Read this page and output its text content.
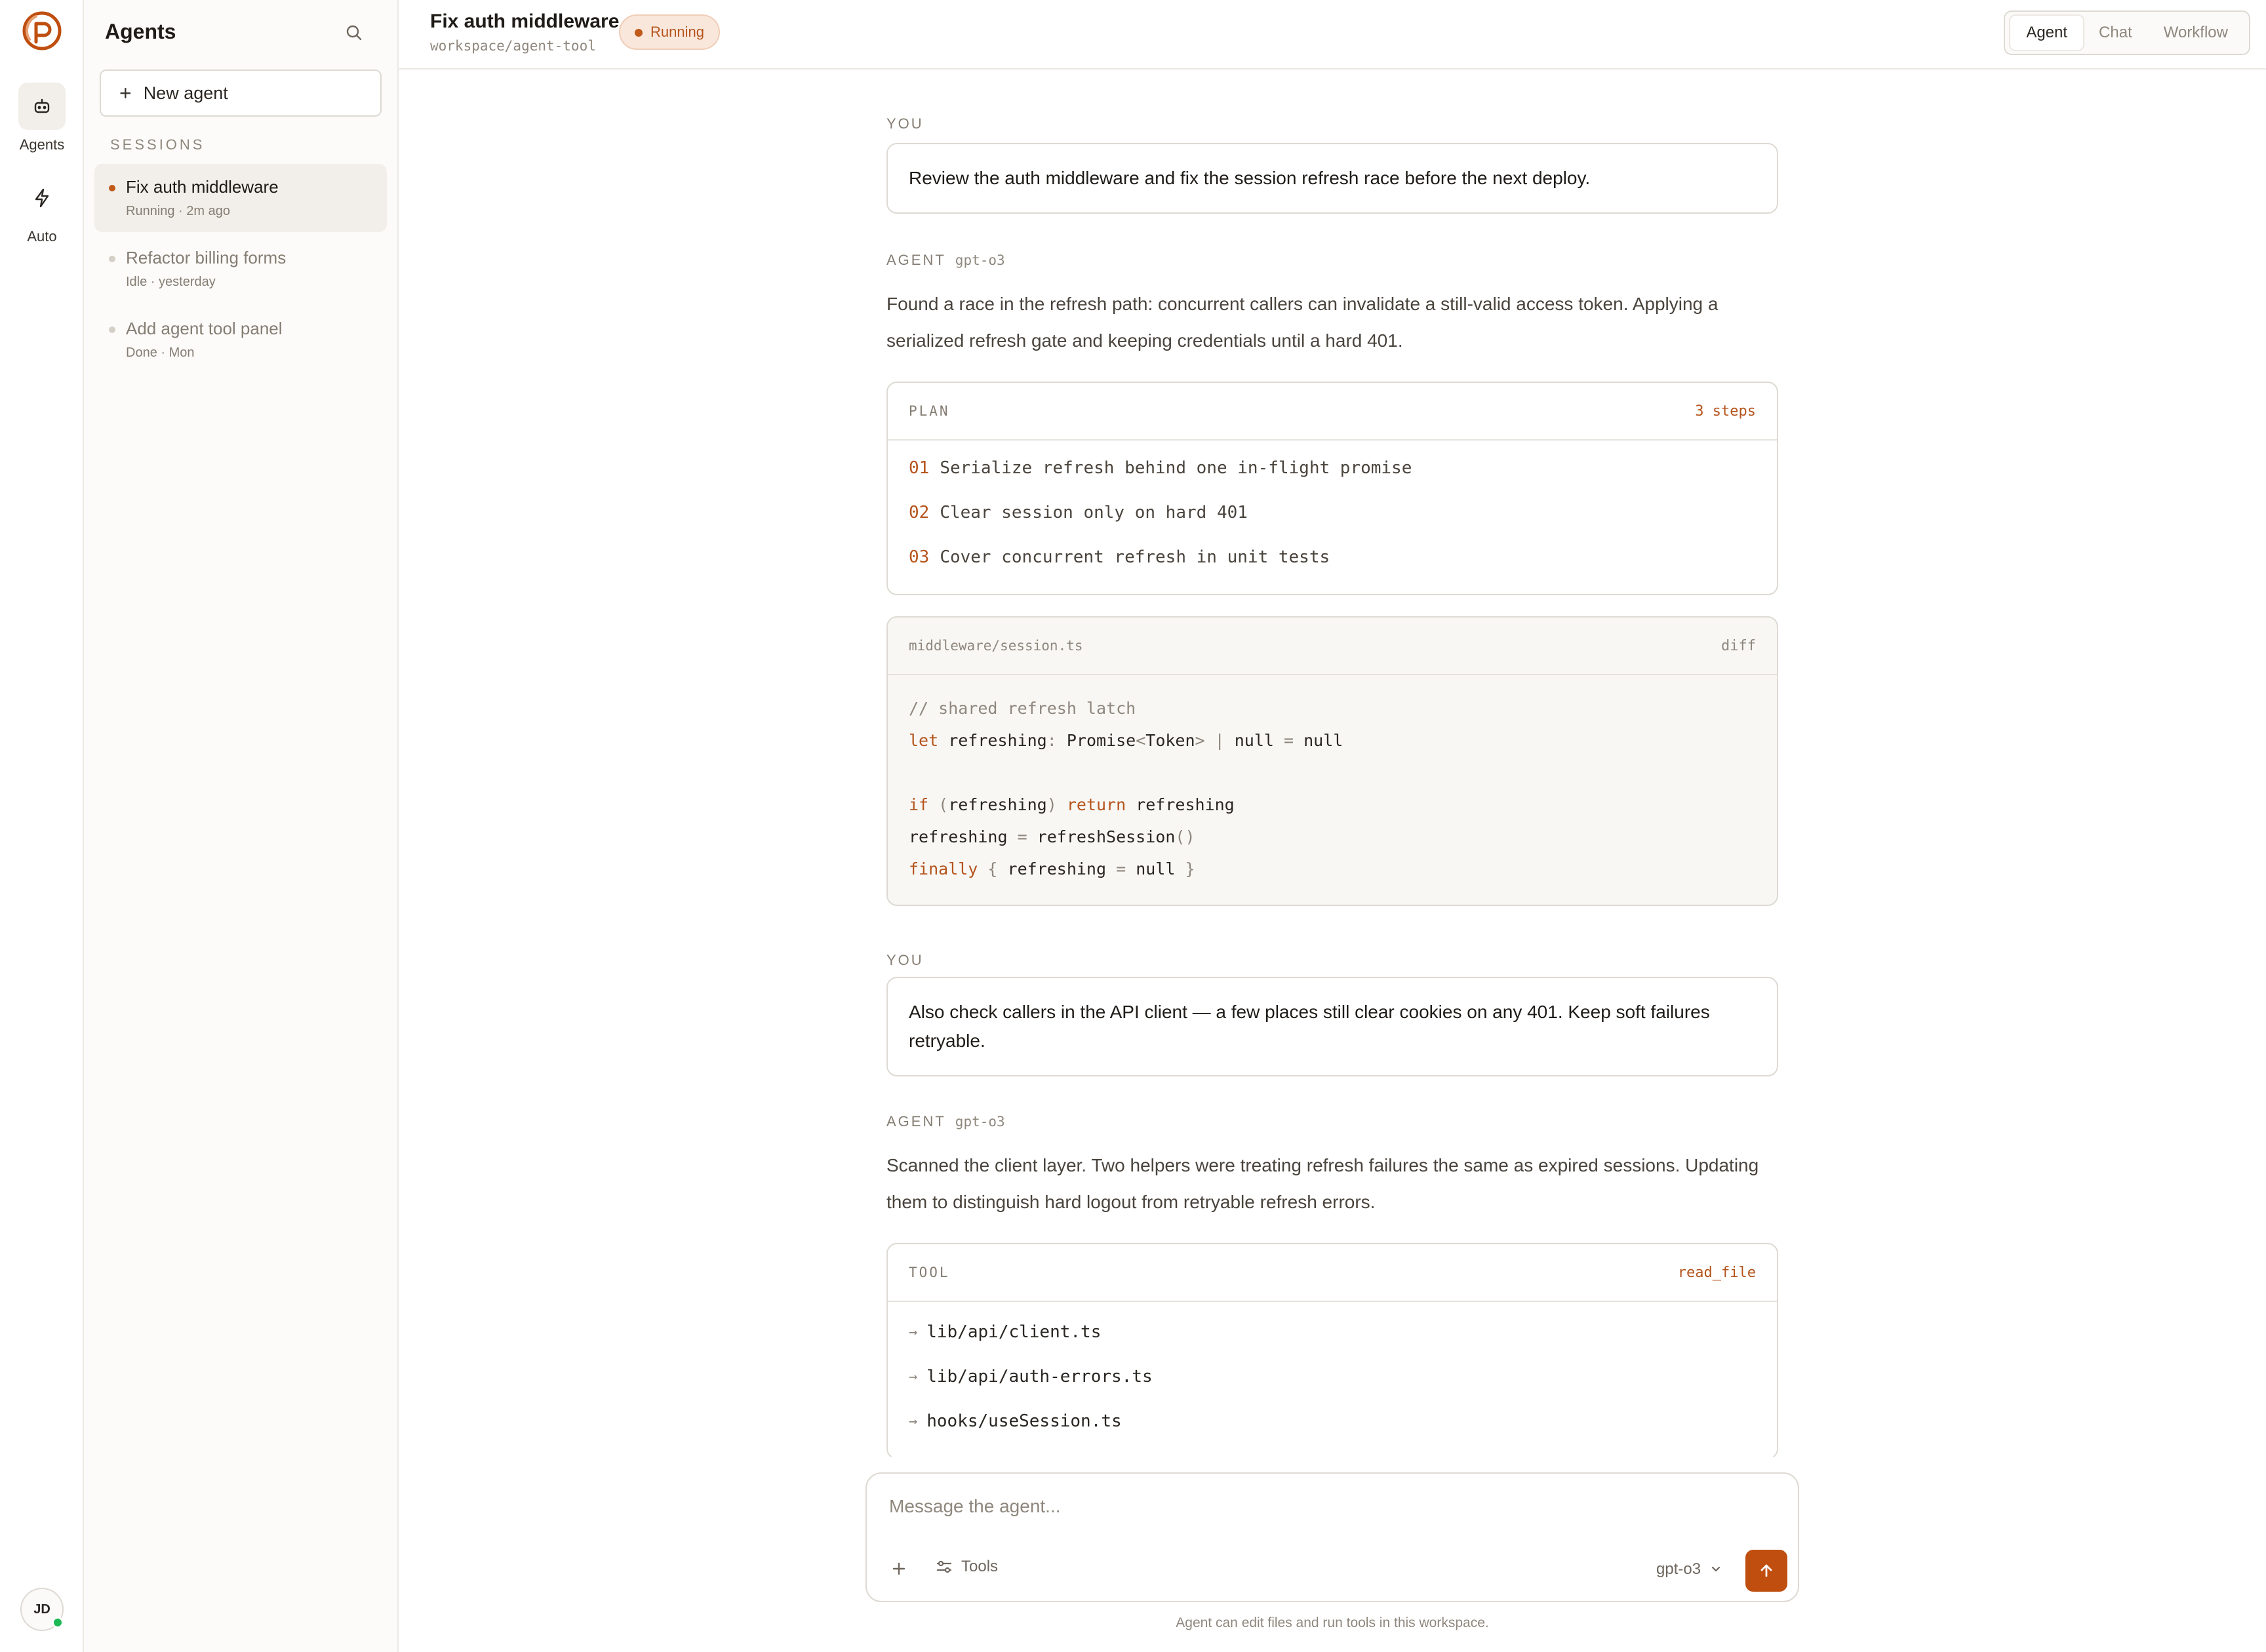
Agents
Auto
JD
Agents
+ New agent
SESSIONS
Fix auth middleware
Running · 2m ago
Refactor billing forms
Idle · yesterday
Add agent tool panel
Done · Mon
Fix auth middleware
workspace/agent-tool
Running	Agent	Chat	Workflow
YOU
Review the auth middleware and fix the session refresh race before the next deploy.
AGENT gpt-o3
Found a race in the refresh path: concurrent callers can invalidate a still-valid access token. Applying a serialized refresh gate and keeping credentials until a hard 401.
PLAN	3 steps
01 Serialize refresh behind one in-flight promise
02 Clear session only on hard 401
03 Cover concurrent refresh in unit tests
middleware/session.ts	diff
// shared refresh latch
let refreshing: Promise<Token> | null = null

if (refreshing) return refreshing
refreshing = refreshSession()
finally { refreshing = null }
YOU
Also check callers in the API client — a few places still clear cookies on any 401. Keep soft failures retryable.
AGENT gpt-o3
Scanned the client layer. Two helpers were treating refresh failures the same as expired sessions. Updating them to distinguish hard logout from retryable refresh errors.
TOOL	read_file
→ lib/api/client.ts
→ lib/api/auth-errors.ts
→ hooks/useSession.ts
Message the agent...
Tools	gpt-o3
Agent can edit files and run tools in this workspace.
